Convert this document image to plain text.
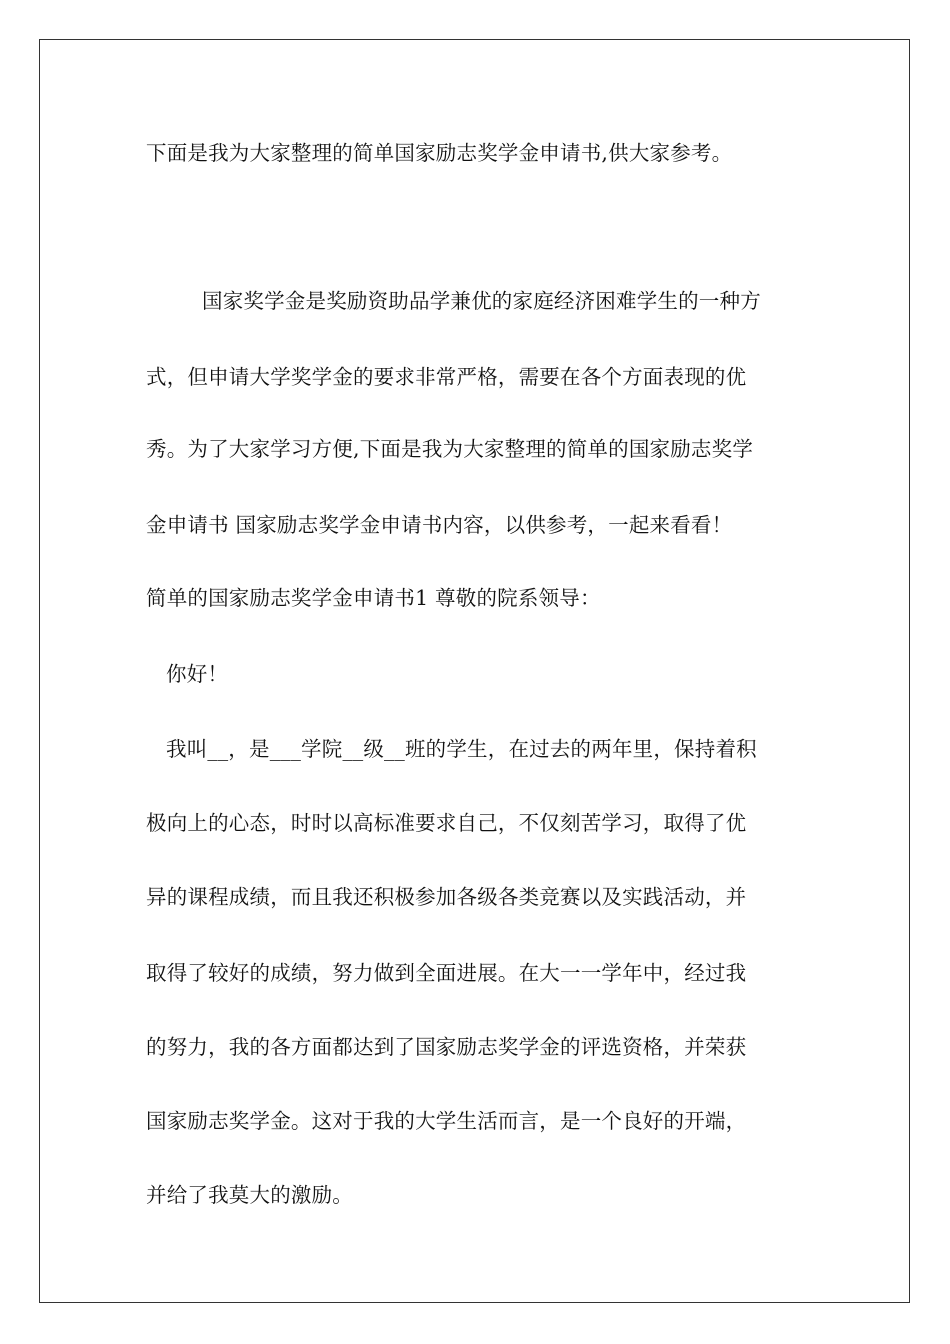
下面是我为大家整理的简单国家励志奖学金申请书,供大家参考。
国家奖学金是奖励资助品学兼优的家庭经济困难学生的一种方
式，但申请大学奖学金的要求非常严格，需要在各个方面表现的优
秀。为了大家学习方便,下面是我为大家整理的简单的国家励志奖学
金申请书 国家励志奖学金申请书内容，以供参考，一起来看看！
简单的国家励志奖学金申请书1 尊敬的院系领导：
你好！
我叫__，是___学院__级__班的学生，在过去的两年里，保持着积
极向上的心态，时时以高标准要求自己，不仅刻苦学习，取得了优
异的课程成绩，而且我还积极参加各级各类竞赛以及实践活动，并
取得了较好的成绩，努力做到全面进展。在大一一学年中，经过我
的努力，我的各方面都达到了国家励志奖学金的评选资格，并荣获
国家励志奖学金。这对于我的大学生活而言，是一个良好的开端，
并给了我莫大的激励。
